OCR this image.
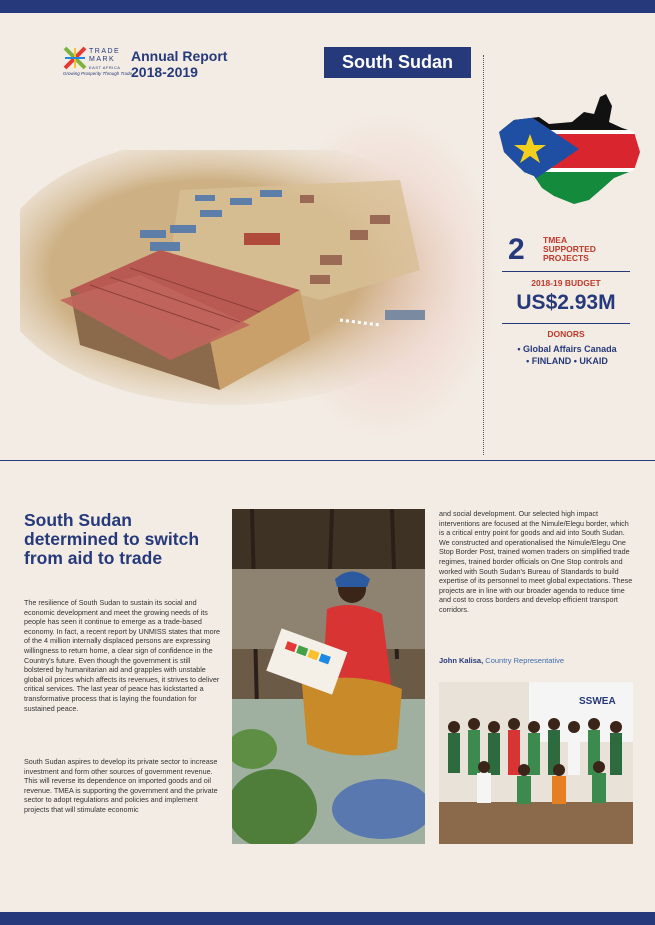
TRADE
MARK
EAST AFRICA
Growing Prosperity Through Trade
Annual Report
2018-2019	South Sudan
2 TMEA
SUPPORTED
PROJECTS
2018-19 BUDGET
US$2.93M
DONORS
• Global Affairs Canada
• FINLAND • UKAID
South Sudan determined to switch from aid to trade
The resilience of South Sudan to sustain its social and economic development and meet the growing needs of its people has seen it continue to emerge as a trade-based economy. In fact, a recent report by UNMISS states that more of the 4 million internally displaced persons are expressing willingness to return home, a clear sign of confidence in the Country's future. Even though the government is still bolstered by humanitarian aid and grapples with unstable global oil prices which affects its revenues, it strives to deliver critical services. The last year of peace has kickstarted a transformative process that is laying the foundation for sustained peace.
South Sudan aspires to develop its private sector to increase investment and form other sources of government revenue. This will reverse its dependence on imported goods and oil revenue. TMEA is supporting the government and the private sector to adopt regulations and policies and implement projects that will stimulate economic
and social development. Our selected high impact interventions are focused at the Nimule/Elegu border, which is a critical entry point for goods and aid into South Sudan. We constructed and operationalised the Nimule/Elegu One Stop Border Post, trained women traders on simplified trade regimes, trained border officials on One Stop controls and worked with South Sudan's Bureau of Standards to build expertise of its personnel to meet global expectations. These projects are in line with our broader agenda to reduce time and cost to cross borders and develop efficient transport corridors.
John Kalisa, Country Representative
SSWEA
